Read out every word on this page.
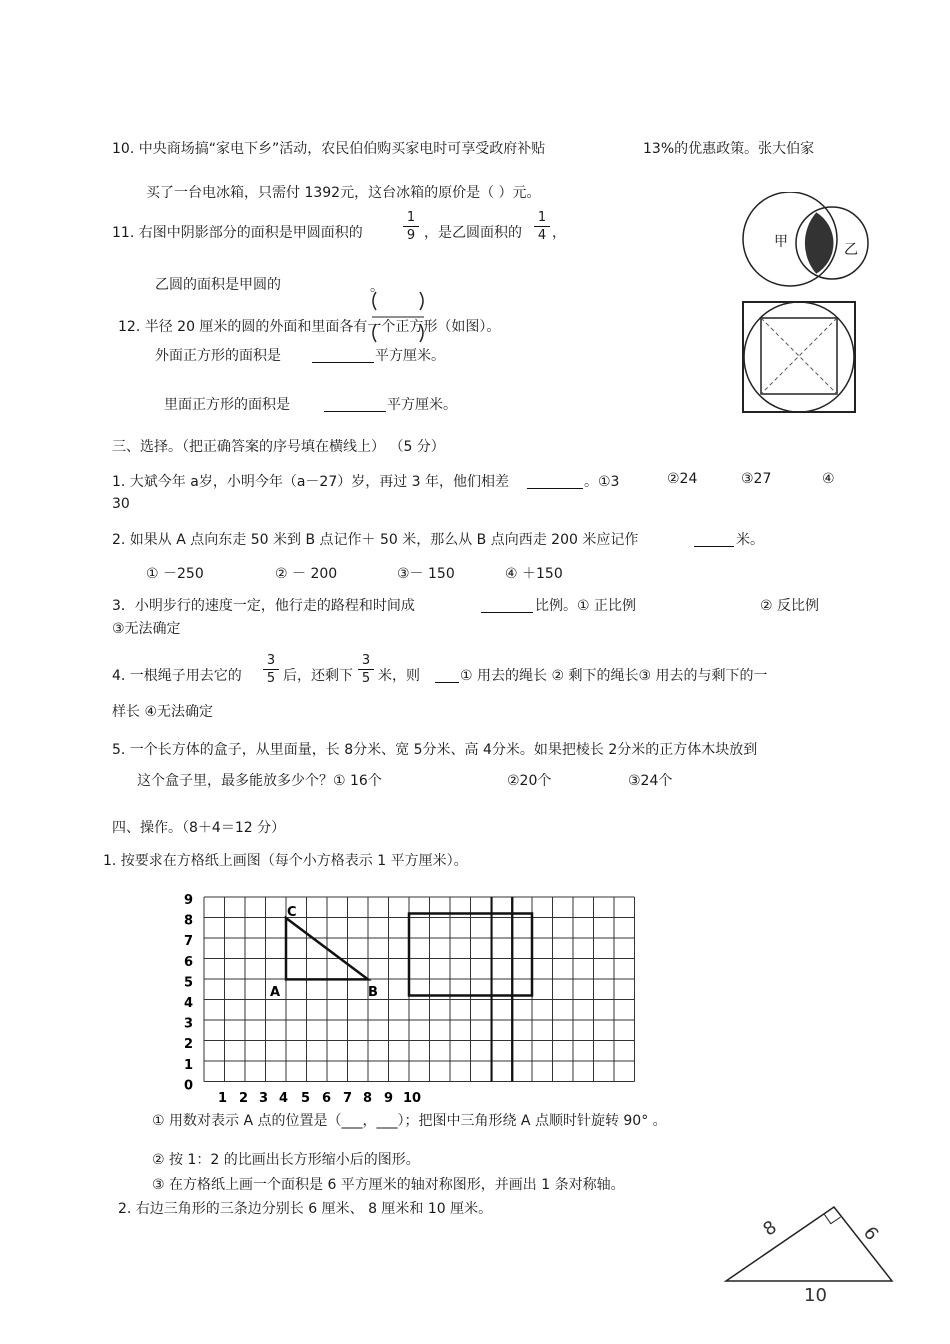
10. 中央商场搞“家电下乡”活动，农民伯伯购买家电时可享受政府补贴	13%的优惠政策。张大伯家
买了一台电冰箱，只需付 1392元，这台冰箱的原价是（ ）元。
11. 右图中阴影部分的面积是甲圆面积的	$\frac{1}{9}$ ，是乙圆面积的 $\frac{1}{4}$ ，
乙圆的面积是甲圆的	。
甲	乙
12. 半径 20 厘米的圆的外面和里面各有一个正方形（如图）。
外面正方形的面积是	平方厘米。
里面正方形的面积是	平方厘米。
三、选择。（把正确答案的序号填在横线上） （5 分）
1. 大斌今年 a岁，小明今年（a－27）岁，再过 3 年，他们相差	。①3	②24	③27	④
30
2. 如果从 A 点向东走 50 米到 B 点记作＋ 50 米，那么从 B 点向西走 200 米应记作	米。
① －250	② － 200	③－ 150	④ ＋150
3．小明步行的速度一定，他行走的路程和时间成	比例。① 正比例	② 反比例
③无法确定
4. 一根绳子用去它的 $\frac{3}{5}$ 后，还剩下 $\frac{3}{5}$ 米，则	① 用去的绳长 ② 剩下的绳长③ 用去的与剩下的一
样长 ④无法确定
5. 一个长方体的盒子，从里面量，长 8分米、宽 5分米、高 4分米。如果把棱长 2分米的正方体木块放到
这个盒子里，最多能放多少个？① 16个	②20个	③24个
四、操作。（8＋4＝12 分）
1. 按要求在方格纸上画图（每个小方格表示 1 平方厘米）。
9
8
7
6
5
4
3
2
1
0
1 2 3 4 5 6 7 8 9 10
C
A	B
① 用数对表示 A 点的位置是（___，___）；把图中三角形绕 A 点顺时针旋转 90° 。
② 按 1：2 的比画出长方形缩小后的图形。
③ 在方格纸上画一个面积是 6 平方厘米的轴对称图形，并画出 1 条对称轴。
2. 右边三角形的三条边分别长 6 厘米、 8 厘米和 10 厘米。
8	6
10
